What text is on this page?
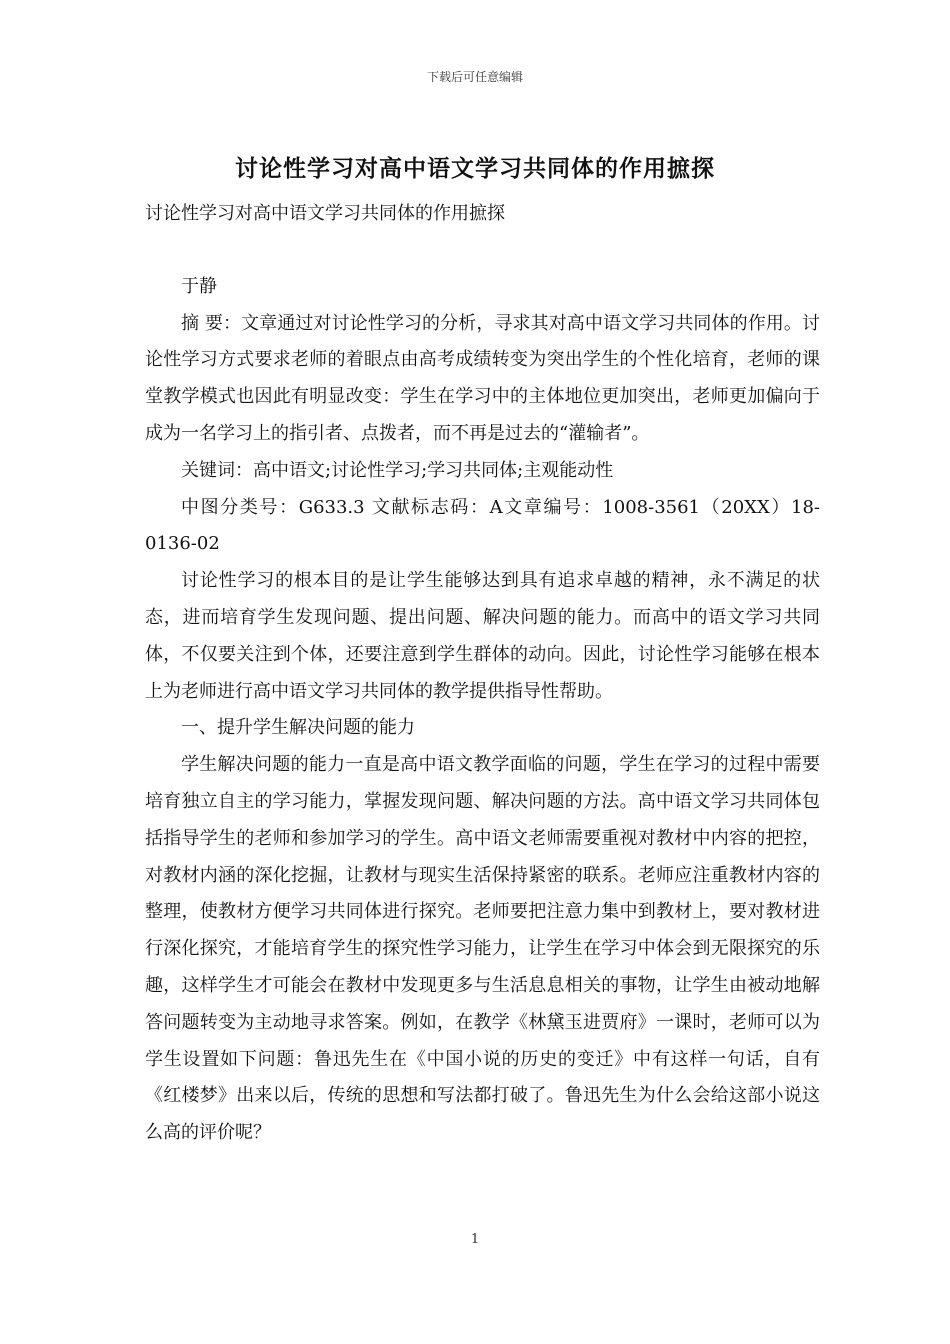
下载后可任意编辑
讨论性学习对高中语文学习共同体的作用摭探

讨论性学习对高中语文学习共同体的作用摭探

于静

摘 要：文章通过对讨论性学习的分析，寻求其对高中语文学习共同体的作用。讨论性学习方式要求老师的着眼点由高考成绩转变为突出学生的个性化培育，老师的课堂教学模式也因此有明显改变：学生在学习中的主体地位更加突出，老师更加偏向于成为一名学习上的指引者、点拨者，而不再是过去的“灌输者”。

关键词：高中语文;讨论性学习;学习共同体;主观能动性

中图分类号：G633.3 文献标志码：A文章编号：1008-3561（20XX）18-0136-02

讨论性学习的根本目的是让学生能够达到具有追求卓越的精神，永不满足的状态，进而培育学生发现问题、提出问题、解决问题的能力。而高中的语文学习共同体，不仅要关注到个体，还要注意到学生群体的动向。因此，讨论性学习能够在根本上为老师进行高中语文学习共同体的教学提供指导性帮助。

一、提升学生解决问题的能力

学生解决问题的能力一直是高中语文教学面临的问题，学生在学习的过程中需要培育独立自主的学习能力，掌握发现问题、解决问题的方法。高中语文学习共同体包括指导学生的老师和参加学习的学生。高中语文老师需要重视对教材中内容的把控，对教材内涵的深化挖掘，让教材与现实生活保持紧密的联系。老师应注重教材内容的整理，使教材方便学习共同体进行探究。老师要把注意力集中到教材上，要对教材进行深化探究，才能培育学生的探究性学习能力，让学生在学习中体会到无限探究的乐趣，这样学生才可能会在教材中发现更多与生活息息相关的事物，让学生由被动地解答问题转变为主动地寻求答案。例如，在教学《林黛玉进贾府》一课时，老师可以为学生设置如下问题：鲁迅先生在《中国小说的历史的变迁》中有这样一句话，自有《红楼梦》出来以后，传统的思想和写法都打破了。鲁迅先生为什么会给这部小说这么高的评价呢？

1
